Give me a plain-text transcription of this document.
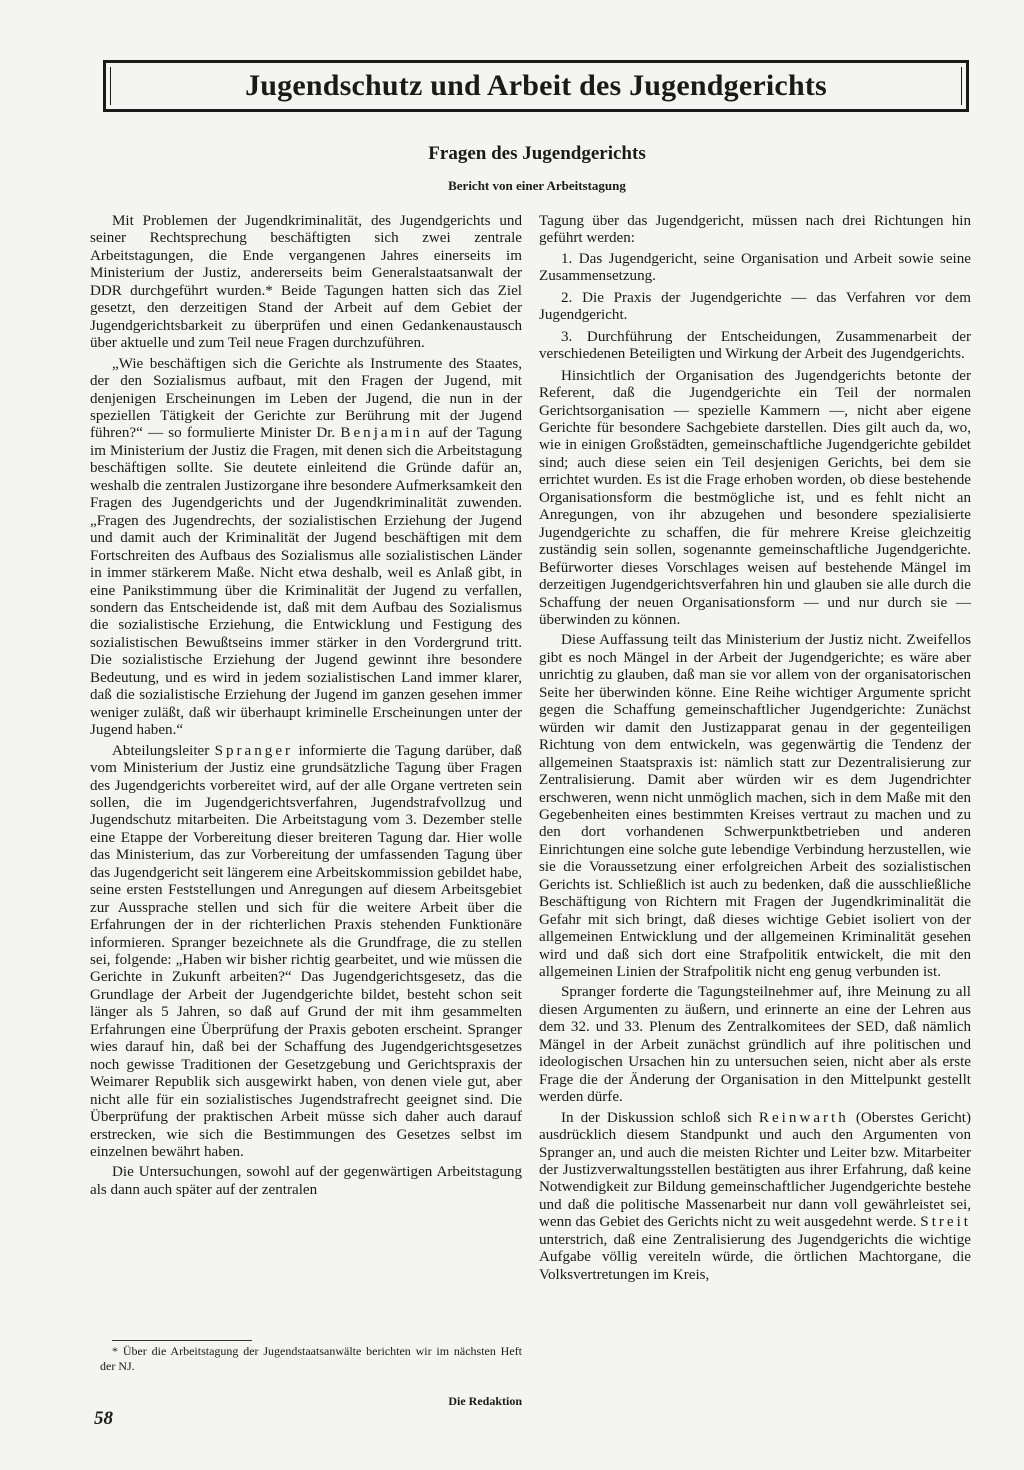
Jugendschutz und Arbeit des Jugendgerichts
Fragen des Jugendgerichts
Bericht von einer Arbeitstagung

Mit Problemen der Jugendkriminalität, des Jugendgerichts und seiner Rechtsprechung beschäftigten sich zwei zentrale Arbeitstagungen, die Ende vergangenen Jahres einerseits im Ministerium der Justiz, andererseits beim Generalstaatsanwalt der DDR durchgeführt wurden.* Beide Tagungen hatten sich das Ziel gesetzt, den derzeitigen Stand der Arbeit auf dem Gebiet der Jugendgerichtsbarkeit zu überprüfen und einen Gedankenaustausch über aktuelle und zum Teil neue Fragen durchzuführen.

„Wie beschäftigen sich die Gerichte als Instrumente des Staates, der den Sozialismus aufbaut, mit den Fragen der Jugend, mit denjenigen Erscheinungen im Leben der Jugend, die nun in der speziellen Tätigkeit der Gerichte zur Berührung mit der Jugend führen?“ — so formulierte Minister Dr. Benjamin auf der Tagung im Ministerium der Justiz die Fragen, mit denen sich die Arbeitstagung beschäftigen sollte. Sie deutete einleitend die Gründe dafür an, weshalb die zentralen Justizorgane ihre besondere Aufmerksamkeit den Fragen des Jugendgerichts und der Jugendkriminalität zuwenden. „Fragen des Jugendrechts, der sozialistischen Erziehung der Jugend und damit auch der Kriminalität der Jugend beschäftigen mit dem Fortschreiten des Aufbaus des Sozialismus alle sozialistischen Länder in immer stärkerem Maße. Nicht etwa deshalb, weil es Anlaß gibt, in eine Panikstimmung über die Kriminalität der Jugend zu verfallen, sondern das Entscheidende ist, daß mit dem Aufbau des Sozialismus die sozialistische Erziehung, die Entwicklung und Festigung des sozialistischen Bewußtseins immer stärker in den Vordergrund tritt. Die sozialistische Erziehung der Jugend gewinnt ihre besondere Bedeutung, und es wird in jedem sozialistischen Land immer klarer, daß die sozialistische Erziehung der Jugend im ganzen gesehen immer weniger zuläßt, daß wir überhaupt kriminelle Erscheinungen unter der Jugend haben.“

Abteilungsleiter Spranger informierte die Tagung darüber, daß vom Ministerium der Justiz eine grundsätzliche Tagung über Fragen des Jugendgerichts vorbereitet wird, auf der alle Organe vertreten sein sollen, die im Jugendgerichtsverfahren, Jugendstrafvollzug und Jugendschutz mitarbeiten. Die Arbeitstagung vom 3. Dezember stelle eine Etappe der Vorbereitung dieser breiteren Tagung dar. Hier wolle das Ministerium, das zur Vorbereitung der umfassenden Tagung über das Jugendgericht seit längerem eine Arbeitskommission gebildet habe, seine ersten Feststellungen und Anregungen auf diesem Arbeitsgebiet zur Aussprache stellen und sich für die weitere Arbeit über die Erfahrungen der in der richterlichen Praxis stehenden Funktionäre informieren. Spranger bezeichnete als die Grundfrage, die zu stellen sei, folgende: „Haben wir bisher richtig gearbeitet, und wie müssen die Gerichte in Zukunft arbeiten?“ Das Jugendgerichtsgesetz, das die Grundlage der Arbeit der Jugendgerichte bildet, besteht schon seit länger als 5 Jahren, so daß auf Grund der mit ihm gesammelten Erfahrungen eine Überprüfung der Praxis geboten erscheint. Spranger wies darauf hin, daß bei der Schaffung des Jugendgerichtsgesetzes noch gewisse Traditionen der Gesetzgebung und Gerichtspraxis der Weimarer Republik sich ausgewirkt haben, von denen viele gut, aber nicht alle für ein sozialistisches Jugendstrafrecht geeignet sind. Die Überprüfung der praktischen Arbeit müsse sich daher auch darauf erstrecken, wie sich die Bestimmungen des Gesetzes selbst im einzelnen bewährt haben.

Die Untersuchungen, sowohl auf der gegenwärtigen Arbeitstagung als dann auch später auf der zentralen

Tagung über das Jugendgericht, müssen nach drei Richtungen hin geführt werden:

1. Das Jugendgericht, seine Organisation und Arbeit sowie seine Zusammensetzung.

2. Die Praxis der Jugendgerichte — das Verfahren vor dem Jugendgericht.

3. Durchführung der Entscheidungen, Zusammenarbeit der verschiedenen Beteiligten und Wirkung der Arbeit des Jugendgerichts.

Hinsichtlich der Organisation des Jugendgerichts betonte der Referent, daß die Jugendgerichte ein Teil der normalen Gerichtsorganisation — spezielle Kammern —, nicht aber eigene Gerichte für besondere Sachgebiete darstellen. Dies gilt auch da, wo, wie in einigen Großstädten, gemeinschaftliche Jugendgerichte gebildet sind; auch diese seien ein Teil desjenigen Gerichts, bei dem sie errichtet wurden. Es ist die Frage erhoben worden, ob diese bestehende Organisationsform die bestmögliche ist, und es fehlt nicht an Anregungen, von ihr abzugehen und besondere spezialisierte Jugendgerichte zu schaffen, die für mehrere Kreise gleichzeitig zuständig sein sollen, sogenannte gemeinschaftliche Jugendgerichte. Befürworter dieses Vorschlages weisen auf bestehende Mängel im derzeitigen Jugendgerichtsverfahren hin und glauben sie alle durch die Schaffung der neuen Organisationsform — und nur durch sie — überwinden zu können.

Diese Auffassung teilt das Ministerium der Justiz nicht. Zweifellos gibt es noch Mängel in der Arbeit der Jugendgerichte; es wäre aber unrichtig zu glauben, daß man sie vor allem von der organisatorischen Seite her überwinden könne. Eine Reihe wichtiger Argumente spricht gegen die Schaffung gemeinschaftlicher Jugendgerichte: Zunächst würden wir damit den Justizapparat genau in der gegenteiligen Richtung von dem entwickeln, was gegenwärtig die Tendenz der allgemeinen Staatspraxis ist: nämlich statt zur Dezentralisierung zur Zentralisierung. Damit aber würden wir es dem Jugendrichter erschweren, wenn nicht unmöglich machen, sich in dem Maße mit den Gegebenheiten eines bestimmten Kreises vertraut zu machen und zu den dort vorhandenen Schwerpunktbetrieben und anderen Einrichtungen eine solche gute lebendige Verbindung herzustellen, wie sie die Voraussetzung einer erfolgreichen Arbeit des sozialistischen Gerichts ist. Schließlich ist auch zu bedenken, daß die ausschließliche Beschäftigung von Richtern mit Fragen der Jugendkriminalität die Gefahr mit sich bringt, daß dieses wichtige Gebiet isoliert von der allgemeinen Entwicklung und der allgemeinen Kriminalität gesehen wird und daß sich dort eine Strafpolitik entwickelt, die mit den allgemeinen Linien der Strafpolitik nicht eng genug verbunden ist.

Spranger forderte die Tagungsteilnehmer auf, ihre Meinung zu all diesen Argumenten zu äußern, und erinnerte an eine der Lehren aus dem 32. und 33. Plenum des Zentralkomitees der SED, daß nämlich Mängel in der Arbeit zunächst gründlich auf ihre politischen und ideologischen Ursachen hin zu untersuchen seien, nicht aber als erste Frage die der Änderung der Organisation in den Mittelpunkt gestellt werden dürfe.

In der Diskussion schloß sich Reinwarth (Oberstes Gericht) ausdrücklich diesem Standpunkt und auch den Argumenten von Spranger an, und auch die meisten Richter und Leiter bzw. Mitarbeiter der Justizverwaltungsstellen bestätigten aus ihrer Erfahrung, daß keine Notwendigkeit zur Bildung gemeinschaftlicher Jugendgerichte bestehe und daß die politische Massenarbeit nur dann voll gewährleistet sei, wenn das Gebiet des Gerichts nicht zu weit ausgedehnt werde. Streit unterstrich, daß eine Zentralisierung des Jugendgerichts die wichtige Aufgabe völlig vereiteln würde, die örtlichen Machtorgane, die Volksvertretungen im Kreis,

* Über die Arbeitstagung der Jugendstaatsanwälte berichten wir im nächsten Heft der NJ.

Die Redaktion
58
